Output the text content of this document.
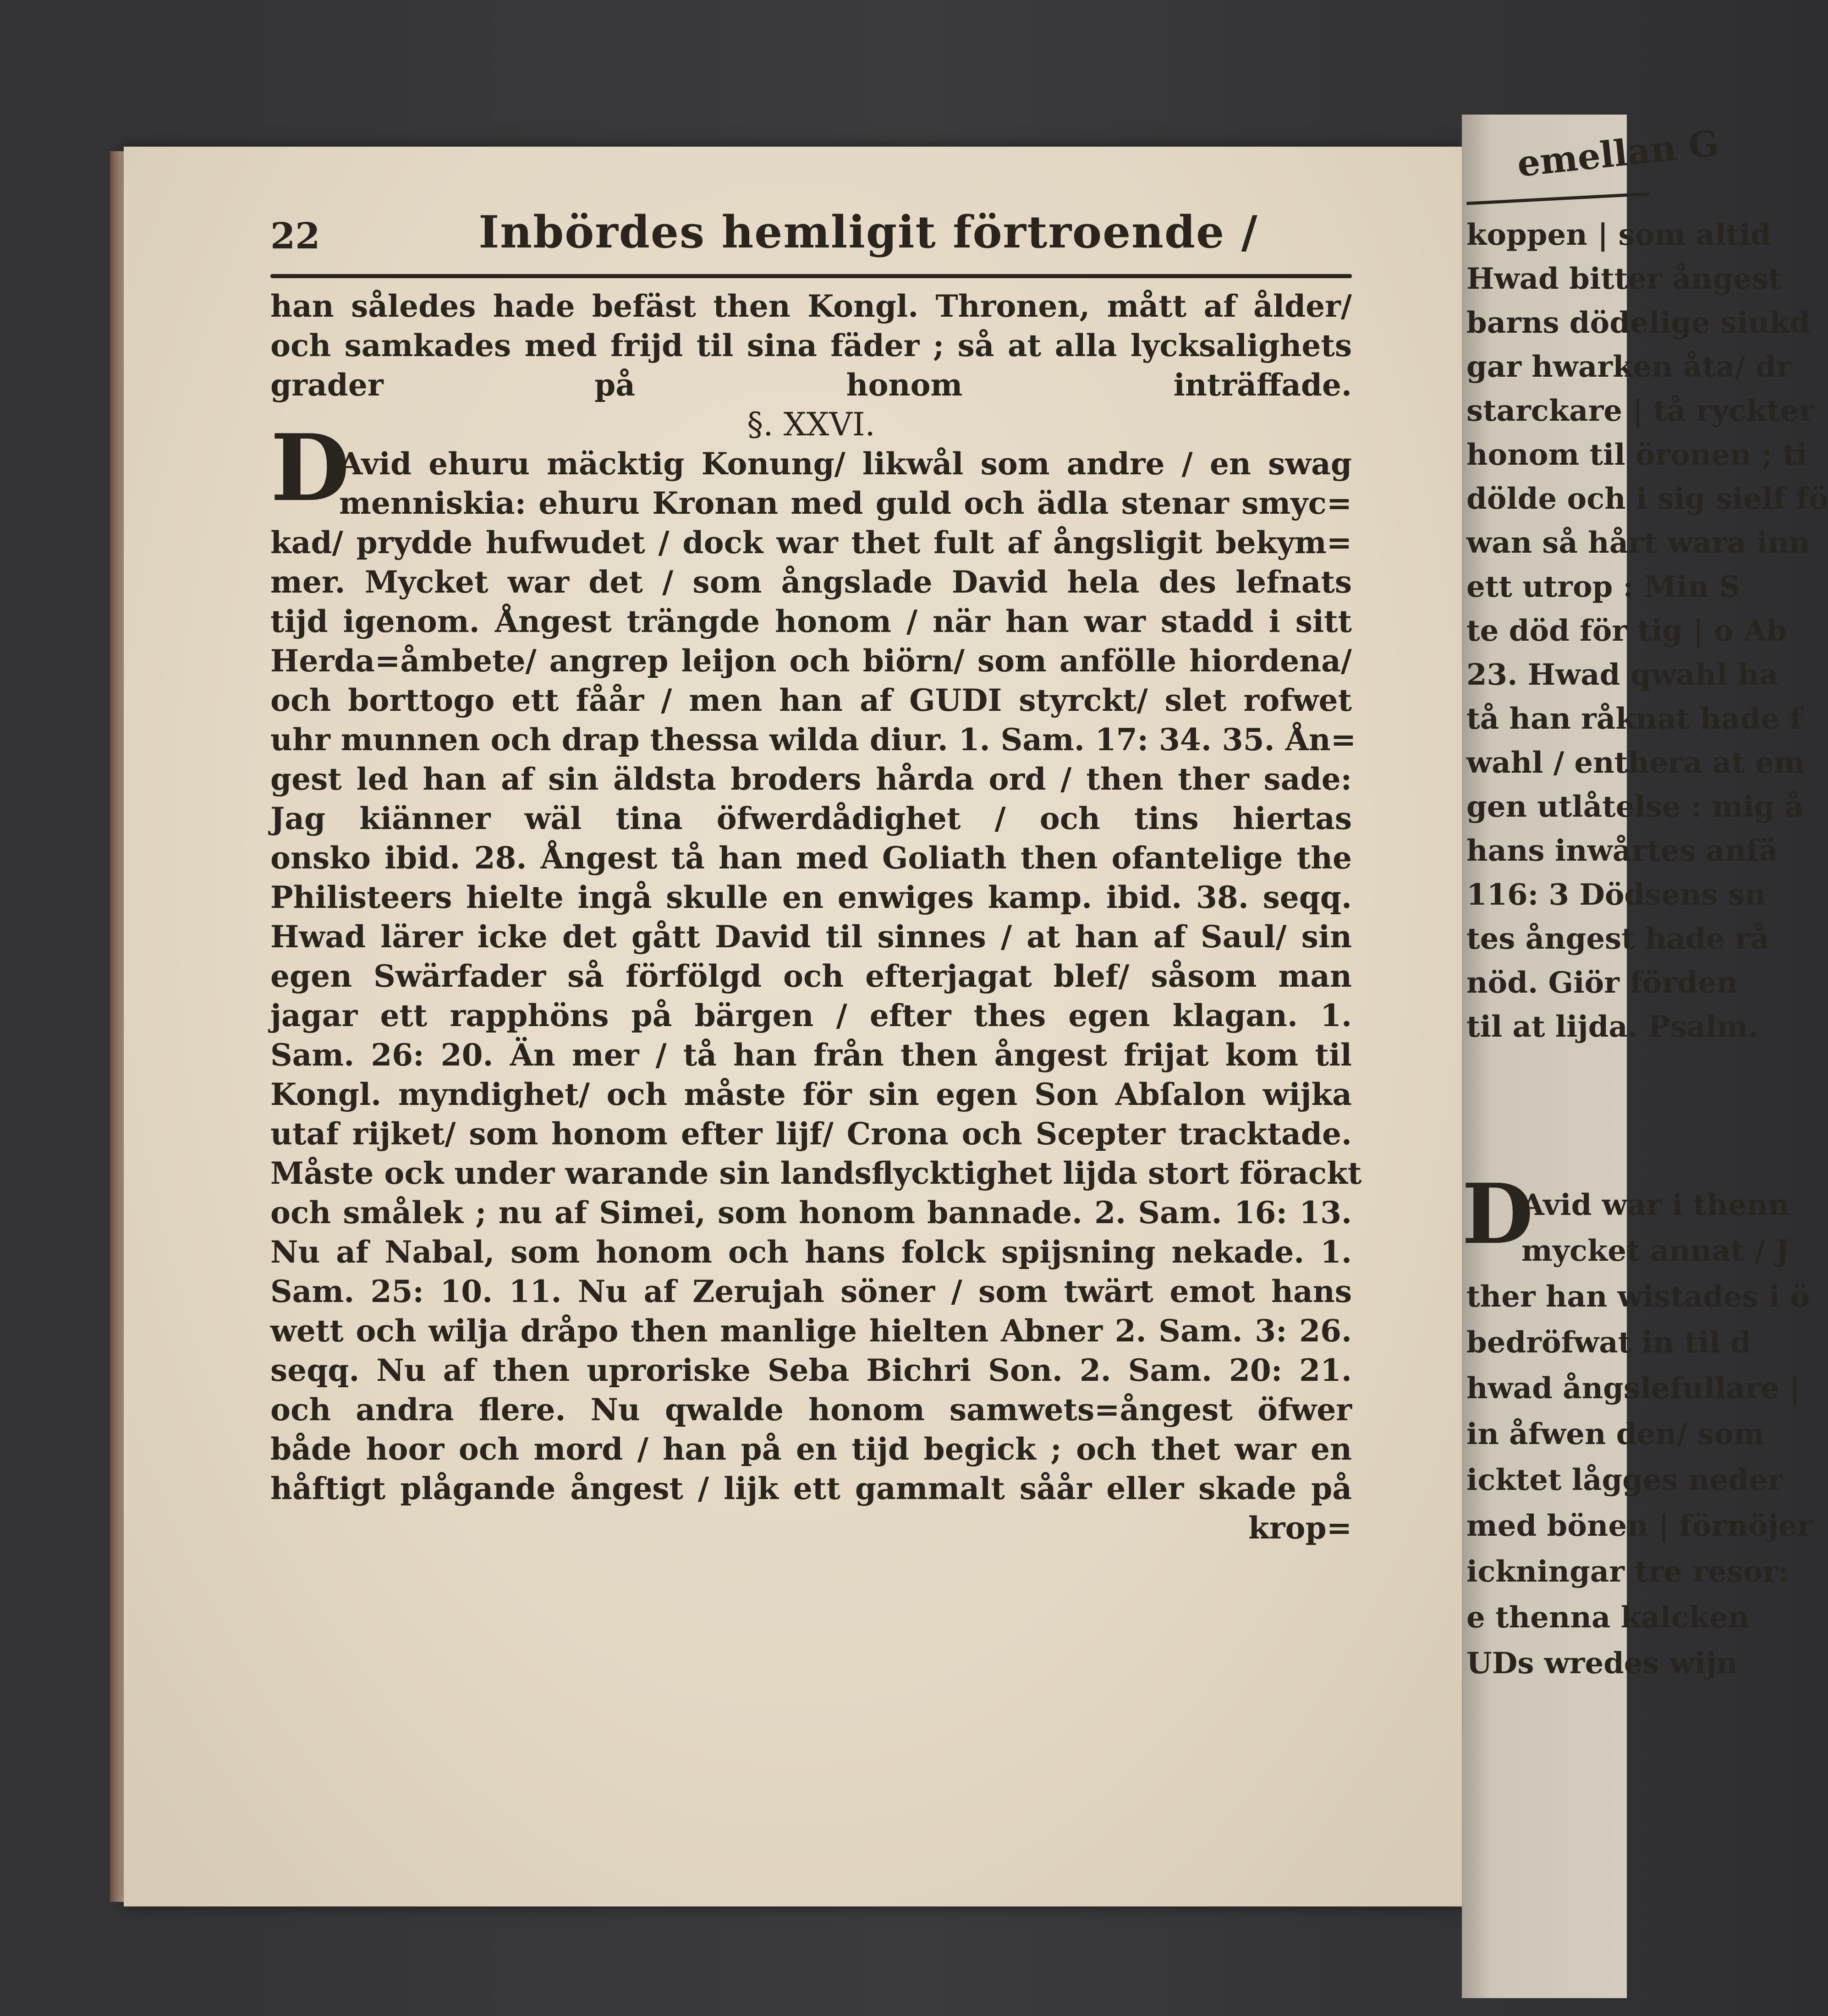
22	Inbördes hemligit förtroende /
D
han således hade befäst then Kongl. Thronen, mått af ålder/
och samkades med frijd til sina fäder ; så at alla lycksalighets
grader på honom inträffade.
§. XXVI.
Avid ehuru mäcktig Konung/ likwål som andre / en swag
menniskia: ehuru Kronan med guld och ädla stenar smyc=
kad/ prydde hufwudet / dock war thet fult af ångsligit bekym=
mer. Mycket war det / som ångslade David hela des lefnats
tijd igenom. Ångest trängde honom / när han war stadd i sitt
Herda=åmbete/ angrep leijon och biörn/ som anfölle hiordena/
och borttogo ett fåår / men han af GUDI styrckt/ slet rofwet
uhr munnen och drap thessa wilda diur. 1. Sam. 17: 34. 35. Ån=
gest led han af sin äldsta broders hårda ord / then ther sade:
Jag kiänner wäl tina öfwerdådighet / och tins hiertas
onsko ibid. 28. Ångest tå han med Goliath then ofantelige the
Philisteers hielte ingå skulle en enwiges kamp. ibid. 38. seqq.
Hwad lärer icke det gått David til sinnes / at han af Saul/ sin
egen Swärfader så förfölgd och efterjagat blef/ såsom man
jagar ett rapphöns på bärgen / efter thes egen klagan. 1.
Sam. 26: 20. Än mer / tå han från then ångest frijat kom til
Kongl. myndighet/ och måste för sin egen Son Abſalon wijka
utaf rijket/ som honom efter lijf/ Crona och Scepter tracktade.
Måste ock under warande sin landsflycktighet lijda stort förackt
och smålek ; nu af Simei, som honom bannade. 2. Sam. 16: 13.
Nu af Nabal, som honom och hans folck spijsning nekade. 1.
Sam. 25: 10. 11. Nu af Zerujah söner / som twärt emot hans
wett och wilja dråpo then manlige hielten Abner 2. Sam. 3: 26.
seqq. Nu af then uproriske Seba Bichri Son. 2. Sam. 20: 21.
och andra flere. Nu qwalde honom samwets=ångest öfwer
både hoor och mord / han på en tijd begick ; och thet war en
håftigt plågande ångest / lijk ett gammalt såår eller skade på
krop=
emellan G
koppen | som altid
Hwad bitter ångest
barns dödelige siukd
gar hwarken åta/ dr
starckare | tå ryckter
honom til öronen ; ti
dölde och i sig sielf fö
wan så hårt wara inn
ett utrop : Min S
te död för tig | o Ab
23. Hwad qwahl ha
tå han råknat hade f
wahl / enthera at em
gen utlåtelse : mig å
hans inwårtes anfä
116: 3 Dödsens sn
tes ångest hade rå
nöd. Giör förden
til at lijda. Psalm.
D
Avid war i thenn
mycket annat / J
ther han wistades i ö
bedröfwat in til d
hwad ångslefullare |
in åfwen den/ som
icktet lågges neder
med bönen | förnöjer
ickningar tre resor:
e thenna kalcken
UDs wredes wijn
